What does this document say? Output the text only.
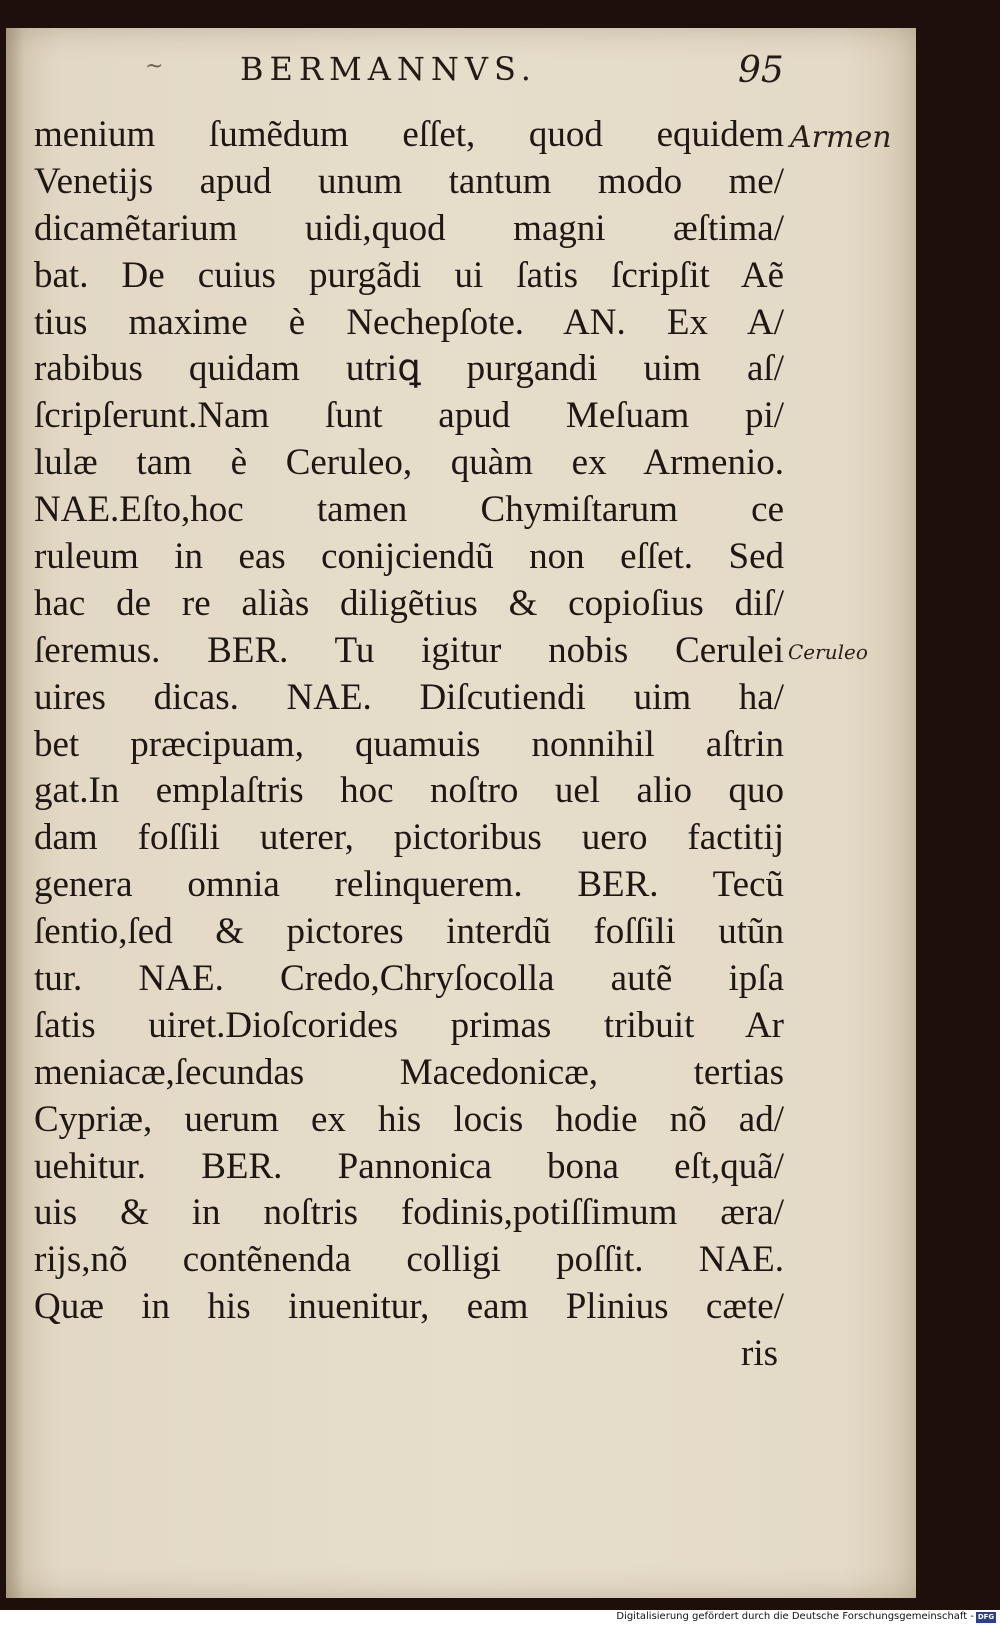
~ BERMANNVS.	95
menium ſumẽdum eſſet, quod equidem
Venetijs apud unum tantum modo me/
dicamẽtarium uidi,quod magni æſtima/
bat. De cuius purgãdi ui ſatis ſcripſit Aẽ
tius maxime è Nechepſote. AN. Ex A/
rabibus quidam utriꝗ purgandi uim aſ/
ſcripſerunt.Nam ſunt apud Meſuam pi/
lulæ tam è Ceruleo, quàm ex Armenio.
NAE.Eſto,hoc tamen Chymiſtarum ce
ruleum in eas conijciendũ non eſſet. Sed
hac de re aliàs diligẽtius & copioſius diſ/
ſeremus. BER. Tu igitur nobis Cerulei
uires dicas. NAE. Diſcutiendi uim ha/
bet præcipuam, quamuis nonnihil aſtrin
gat.In emplaſtris hoc noſtro uel alio quo
dam foſſili uterer, pictoribus uero factitij
genera omnia relinquerem. BER. Tecũ
ſentio,ſed & pictores interdũ foſſili utũn
tur. NAE. Credo,Chryſocolla autẽ ipſa
ſatis uiret.Dioſcorides primas tribuit Ar
meniacæ,ſecundas Macedonicæ, tertias
Cypriæ, uerum ex his locis hodie nõ ad/
uehitur. BER. Pannonica bona eſt,quã/
uis & in noſtris fodinis,potiſſimum æra/
rijs,nõ contẽnenda colligi poſſit. NAE.
Quæ in his inuenitur, eam Plinius cæte/
ris
Armen
Ceruleo
Digitalisierung gefördert durch die Deutsche Forschungsgemeinschaft - DFG
